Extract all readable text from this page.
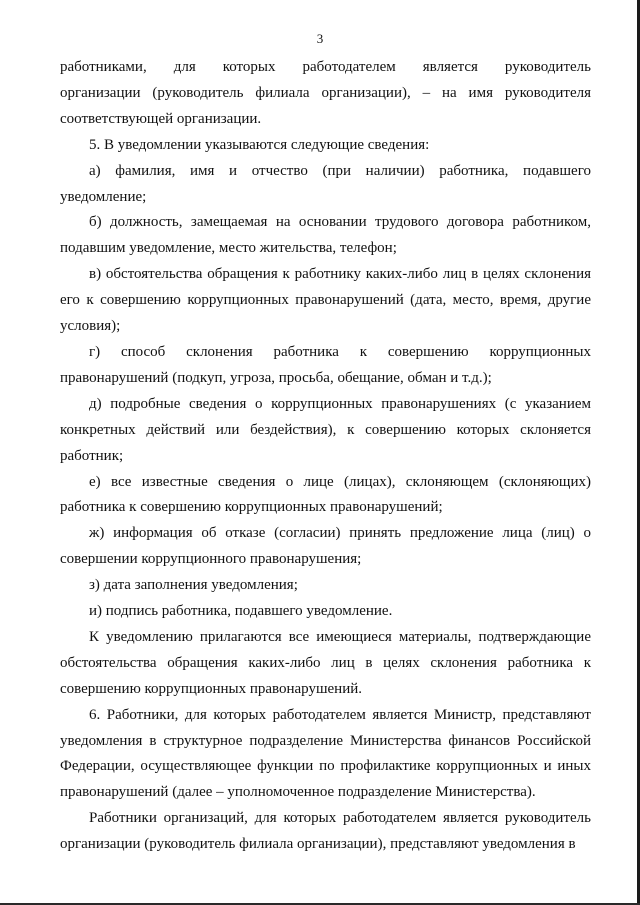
3
работниками, для которых работодателем является руководитель
организации (руководитель филиала организации), – на имя руководителя
соответствующей организации.
5. В уведомлении указываются следующие сведения:
а) фамилия, имя и отчество (при наличии) работника, подавшего
уведомление;
б) должность, замещаемая на основании трудового договора работником,
подавшим уведомление, место жительства, телефон;
в) обстоятельства обращения к работнику каких-либо лиц в целях склонения
его к совершению коррупционных правонарушений (дата, место, время, другие
условия);
г) способ склонения работника к совершению коррупционных
правонарушений (подкуп, угроза, просьба, обещание, обман и т.д.);
д) подробные сведения о коррупционных правонарушениях (с указанием
конкретных действий или бездействия), к совершению которых склоняется
работник;
е) все известные сведения о лице (лицах), склоняющем (склоняющих)
работника к совершению коррупционных правонарушений;
ж) информация об отказе (согласии) принять предложение лица (лиц) о
совершении коррупционного правонарушения;
з) дата заполнения уведомления;
и) подпись работника, подавшего уведомление.
К уведомлению прилагаются все имеющиеся материалы, подтверждающие
обстоятельства обращения каких-либо лиц в целях склонения работника к
совершению коррупционных правонарушений.
6. Работники, для которых работодателем является Министр, представляют
уведомления в структурное подразделение Министерства финансов Российской
Федерации, осуществляющее функции по профилактике коррупционных и иных
правонарушений (далее – уполномоченное подразделение Министерства).
Работники организаций, для которых работодателем является руководитель
организации (руководитель филиала организации), представляют уведомления в
